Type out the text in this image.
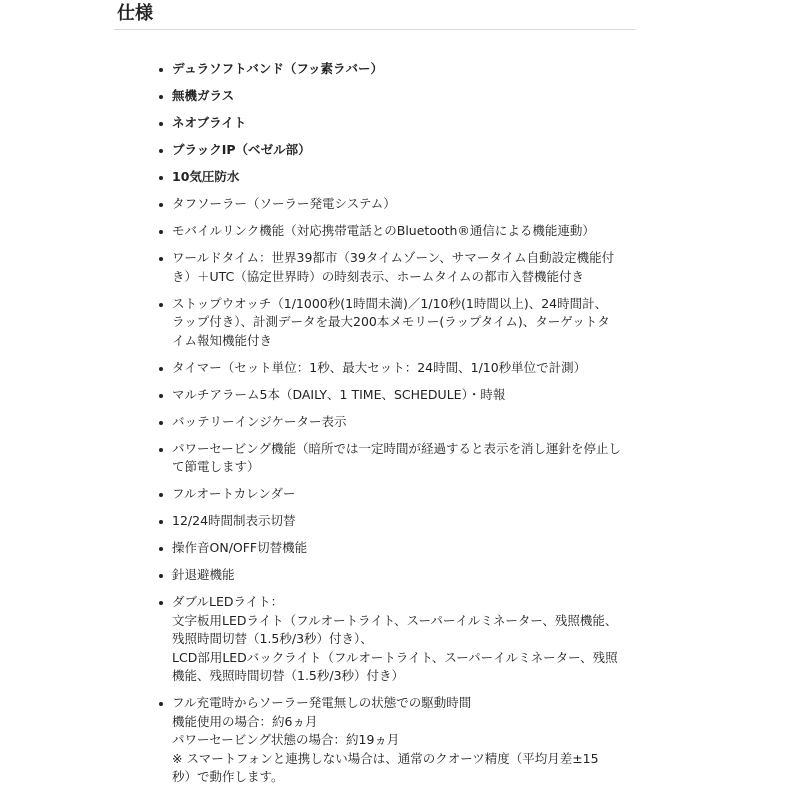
仕様
デュラソフトバンド（フッ素ラバー）
無機ガラス
ネオブライト
ブラックIP（ベゼル部）
10気圧防水
タフソーラー（ソーラー発電システム）
モバイルリンク機能（対応携帯電話とのBluetooth®通信による機能連動）
ワールドタイム：世界39都市（39タイムゾーン、サマータイム自動設定機能付
き）＋UTC（協定世界時）の時刻表示、ホームタイムの都市入替機能付き
ストップウオッチ（1/1000秒(1時間未満)／1/10秒(1時間以上)、24時間計、
ラップ付き）、計測データを最大200本メモリー(ラップタイム)、ターゲットタ
イム報知機能付き
タイマー（セット単位：1秒、最大セット：24時間、1/10秒単位で計測）
マルチアラーム5本（DAILY、1 TIME、SCHEDULE）・時報
バッテリーインジケーター表示
パワーセービング機能（暗所では一定時間が経過すると表示を消し運針を停止し
て節電します）
フルオートカレンダー
12/24時間制表示切替
操作音ON/OFF切替機能
針退避機能
ダブルLEDライト：
文字板用LEDライト（フルオートライト、スーパーイルミネーター、残照機能、
残照時間切替（1.5秒/3秒）付き）、
LCD部用LEDバックライト（フルオートライト、スーパーイルミネーター、残照
機能、残照時間切替（1.5秒/3秒）付き）
フル充電時からソーラー発電無しの状態での駆動時間
機能使用の場合：約6ヵ月
パワーセービング状態の場合：約19ヵ月
※ スマートフォンと連携しない場合は、通常のクオーツ精度（平均月差±15
秒）で動作します。
